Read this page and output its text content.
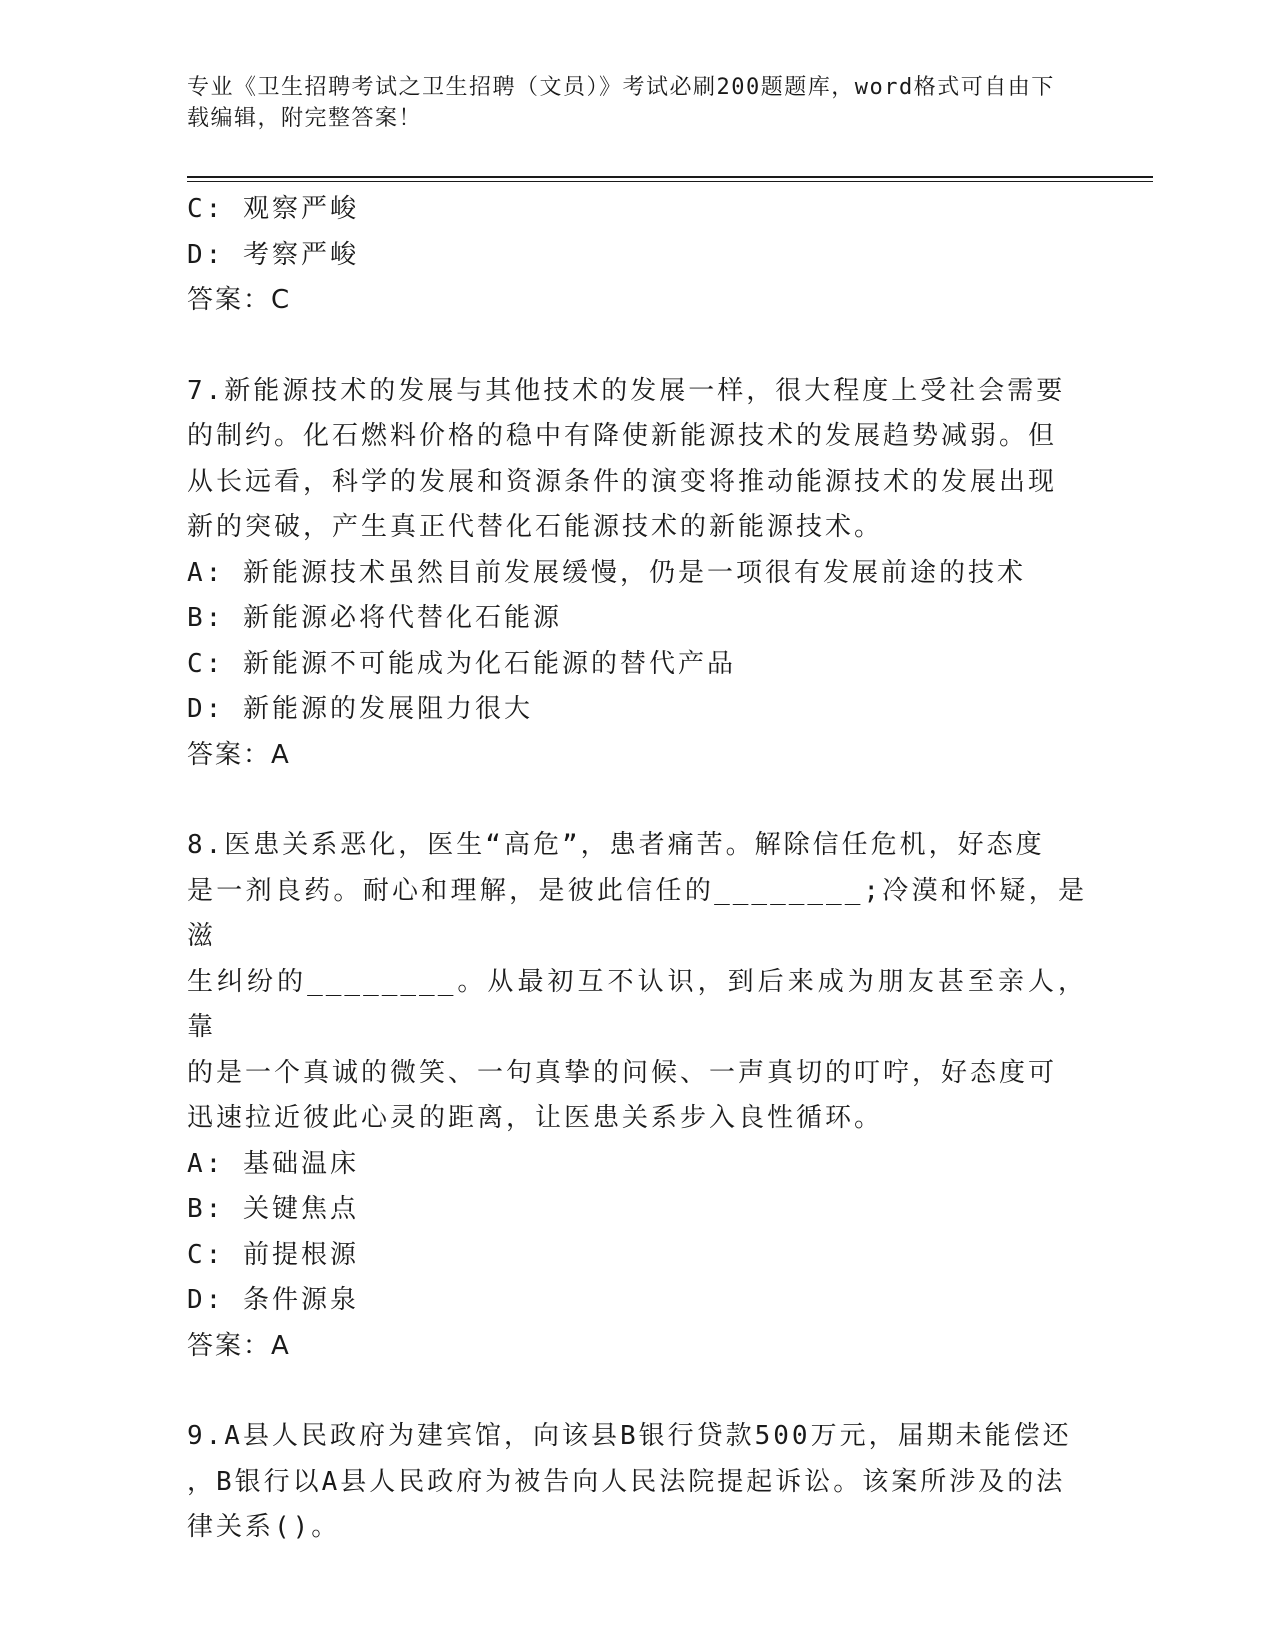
专业《卫生招聘考试之卫生招聘（文员）》考试必刷200题题库，word格式可自由下载编辑，附完整答案！
C: 观察严峻
D: 考察严峻
答案：C
7.新能源技术的发展与其他技术的发展一样，很大程度上受社会需要
的制约。化石燃料价格的稳中有降使新能源技术的发展趋势减弱。但
从长远看，科学的发展和资源条件的演变将推动能源技术的发展出现
新的突破，产生真正代替化石能源技术的新能源技术。
A: 新能源技术虽然目前发展缓慢，仍是一项很有发展前途的技术
B: 新能源必将代替化石能源
C: 新能源不可能成为化石能源的替代产品
D: 新能源的发展阻力很大
答案：A
8.医患关系恶化，医生“高危”，患者痛苦。解除信任危机，好态度
是一剂良药。耐心和理解，是彼此信任的________;冷漠和怀疑，是滋
生纠纷的________。从最初互不认识，到后来成为朋友甚至亲人，靠
的是一个真诚的微笑、一句真挚的问候、一声真切的叮咛，好态度可
迅速拉近彼此心灵的距离，让医患关系步入良性循环。
A: 基础温床
B: 关键焦点
C: 前提根源
D: 条件源泉
答案：A
9.A县人民政府为建宾馆，向该县B银行贷款500万元，届期未能偿还
，B银行以A县人民政府为被告向人民法院提起诉讼。该案所涉及的法
律关系()。
